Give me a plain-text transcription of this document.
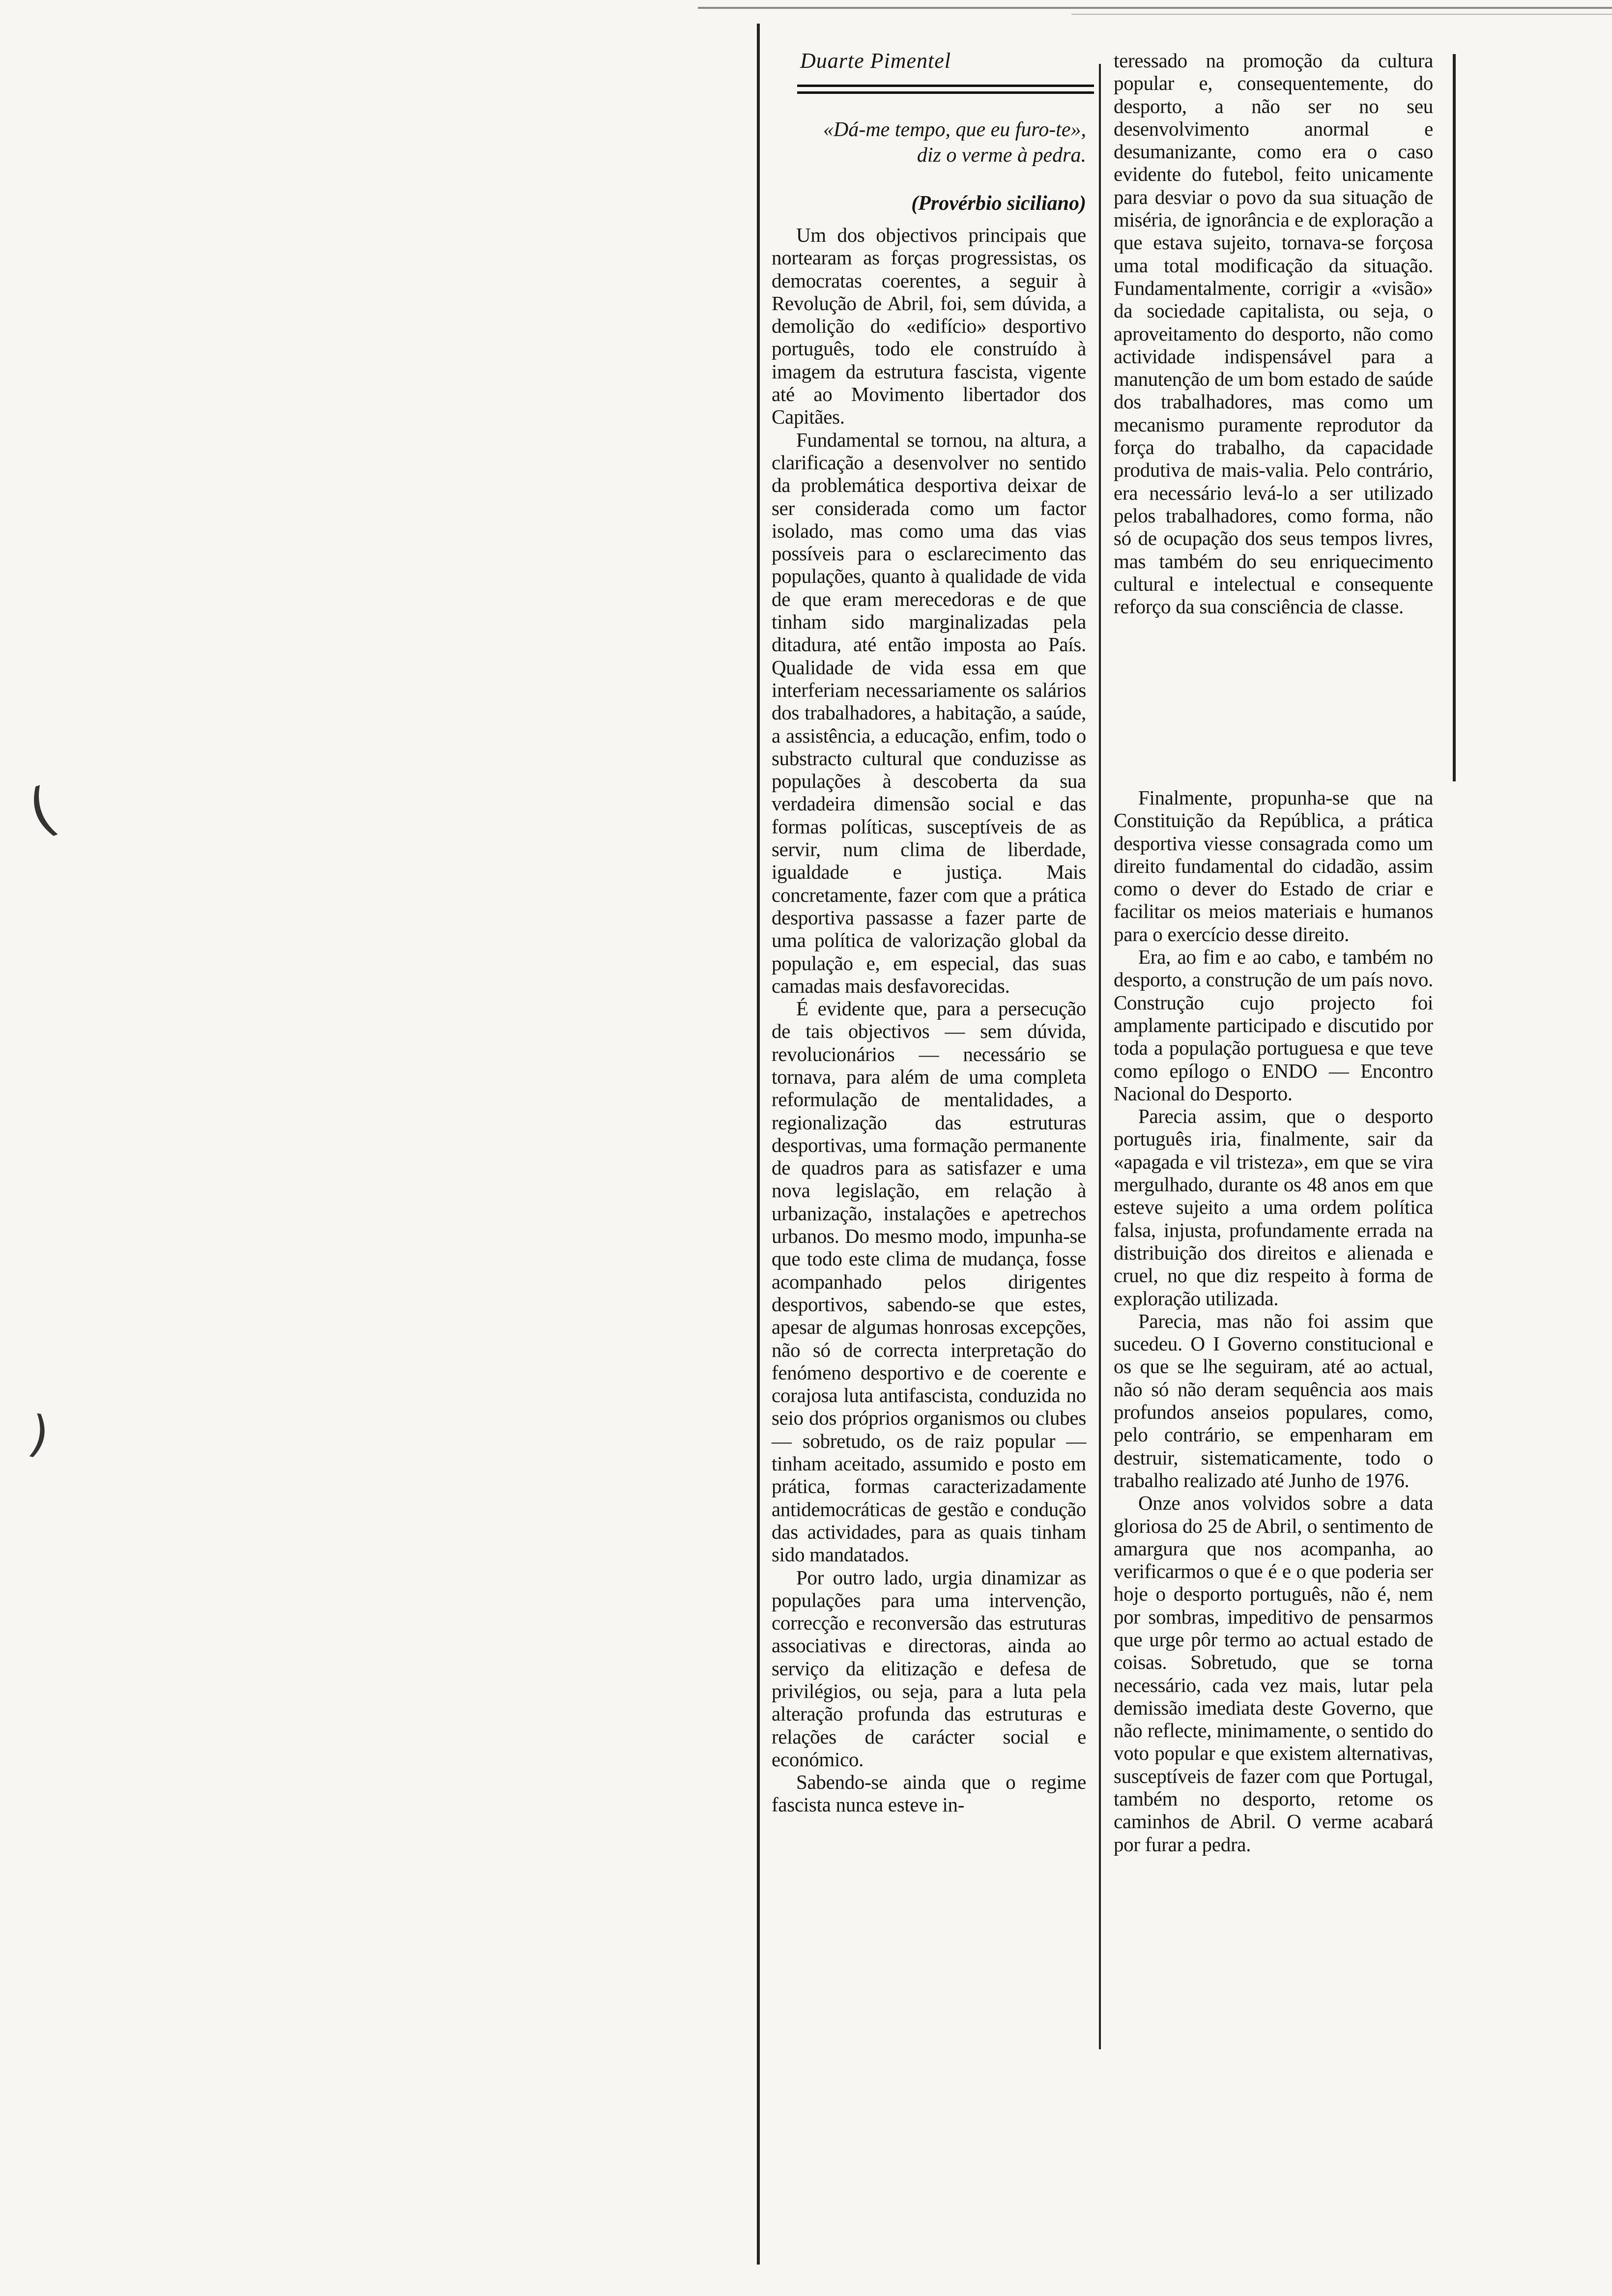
(
)
Duarte Pimentel
«Dá-me tempo, que eu furo-te», diz o verme à pedra.
(Provérbio siciliano)

Um dos objectivos principais que nortearam as forças progressistas, os democratas coerentes, a seguir à Revolução de Abril, foi, sem dúvida, a demolição do «edifício» desportivo português, todo ele construído à imagem da estrutura fascista, vigente até ao Movimento libertador dos Capitães.

Fundamental se tornou, na altura, a clarificação a desenvolver no sentido da problemática desportiva deixar de ser considerada como um factor isolado, mas como uma das vias possíveis para o esclarecimento das populações, quanto à qualidade de vida de que eram merecedoras e de que tinham sido marginalizadas pela ditadura, até então imposta ao País. Qualidade de vida essa em que interferiam necessariamente os salários dos trabalhadores, a habitação, a saúde, a assistência, a educação, enfim, todo o substracto cultural que conduzisse as populações à descoberta da sua verdadeira dimensão social e das formas políticas, susceptíveis de as servir, num clima de liberdade, igualdade e justiça. Mais concretamente, fazer com que a prática desportiva passasse a fazer parte de uma política de valorização global da população e, em especial, das suas camadas mais desfavorecidas.

É evidente que, para a persecução de tais objectivos — sem dúvida, revolucionários — necessário se tornava, para além de uma completa reformulação de mentalidades, a regionalização das estruturas desportivas, uma formação permanente de quadros para as satisfazer e uma nova legislação, em relação à urbanização, instalações e apetrechos urbanos. Do mesmo modo, impunha-se que todo este clima de mudança, fosse acompanhado pelos dirigentes desportivos, sabendo-se que estes, apesar de algumas honrosas excepções, não só de correcta interpretação do fenómeno desportivo e de coerente e corajosa luta antifascista, conduzida no seio dos próprios organismos ou clubes — sobretudo, os de raiz popular — tinham aceitado, assumido e posto em prática, formas caracterizadamente antidemocráticas de gestão e condução das actividades, para as quais tinham sido mandatados.

Por outro lado, urgia dinamizar as populações para uma intervenção, correcção e reconversão das estruturas associativas e directoras, ainda ao serviço da elitização e defesa de privilégios, ou seja, para a luta pela alteração profunda das estruturas e relações de carácter social e económico.

Sabendo-se ainda que o regime fascista nunca esteve in-

teressado na promoção da cultura popular e, consequentemente, do desporto, a não ser no seu desenvolvimento anormal e desumanizante, como era o caso evidente do futebol, feito unicamente para desviar o povo da sua situação de miséria, de ignorância e de exploração a que estava sujeito, tornava-se forçosa uma total modificação da situação. Fundamentalmente, corrigir a «visão» da sociedade capitalista, ou seja, o aproveitamento do desporto, não como actividade indispensável para a manutenção de um bom estado de saúde dos trabalhadores, mas como um mecanismo puramente reprodutor da força do trabalho, da capacidade produtiva de mais-valia. Pelo contrário, era necessário levá-lo a ser utilizado pelos trabalhadores, como forma, não só de ocupação dos seus tempos livres, mas também do seu enriquecimento cultural e intelectual e consequente reforço da sua consciência de classe.

Finalmente, propunha-se que na Constituição da República, a prática desportiva viesse consagrada como um direito fundamental do cidadão, assim como o dever do Estado de criar e facilitar os meios materiais e humanos para o exercício desse direito.

Era, ao fim e ao cabo, e também no desporto, a construção de um país novo. Construção cujo projecto foi amplamente participado e discutido por toda a população portuguesa e que teve como epílogo o ENDO — Encontro Nacional do Desporto.

Parecia assim, que o desporto português iria, finalmente, sair da «apagada e vil tristeza», em que se vira mergulhado, durante os 48 anos em que esteve sujeito a uma ordem política falsa, injusta, profundamente errada na distribuição dos direitos e alienada e cruel, no que diz respeito à forma de exploração utilizada.

Parecia, mas não foi assim que sucedeu. O I Governo constitucional e os que se lhe seguiram, até ao actual, não só não deram sequência aos mais profundos anseios populares, como, pelo contrário, se empenharam em destruir, sistematicamente, todo o trabalho realizado até Junho de 1976.

Onze anos volvidos sobre a data gloriosa do 25 de Abril, o sentimento de amargura que nos acompanha, ao verificarmos o que é e o que poderia ser hoje o desporto português, não é, nem por sombras, impeditivo de pensarmos que urge pôr termo ao actual estado de coisas. Sobretudo, que se torna necessário, cada vez mais, lutar pela demissão imediata deste Governo, que não reflecte, minimamente, o sentido do voto popular e que existem alternativas, susceptíveis de fazer com que Portugal, também no desporto, retome os caminhos de Abril. O verme acabará por furar a pedra.
